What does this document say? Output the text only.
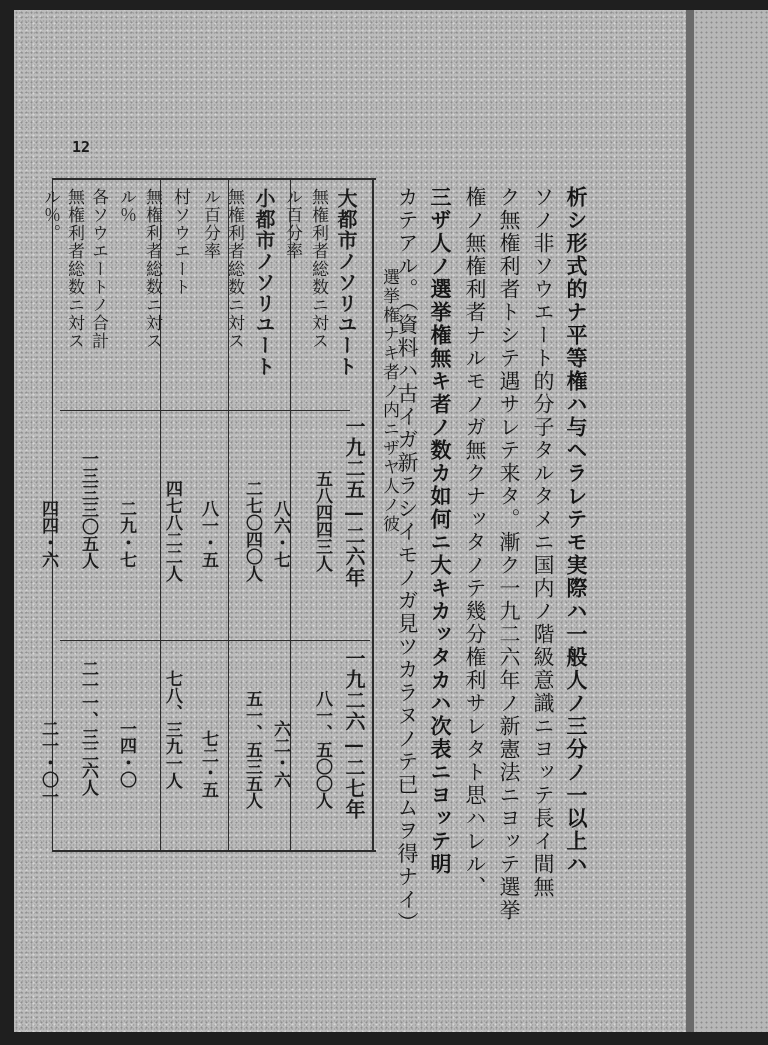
12
一九二五—二六年
一九二六—二七年
大都市ノソリユート
無権利者総数ニ対ス
ル百分率
五八四四三人
八六・七
八一、五〇〇人
六二・六
小都市ノソリユート
無権利者総数ニ対ス
ル百分率
二七〇四〇人
八一・五
五一、五三五人
七二・五
村ソウエート
無権利者総数ニ対ス
ル％
四七八二二人
二九・七
七八、三九一人
一四・〇
各ソウエートノ合計
無権利者総数ニ対ス
ル％。
一三三三〇五人
四四・六
二一一、三二六人
二一・〇一	析シ形式的ナ平等権ハ与ヘラレテモ実際ハ一般人ノ三分ノ一以上ハ
ソノ非ソウエート的分子タルタメニ国内ノ階級意識ニヨッテ長イ間無
ク無権利者トシテ遇サレテ来タ。漸ク一九二六年ノ新憲法ニヨッテ選挙
権ノ無権利者ナルモノガ無クナッタノテ幾分権利サレタト思ハレル、
三ザ人ノ選挙権無キ者ノ数カ如何ニ大キカッタカハ次表ニヨッテ明
カテアル。（資料ハ古イガ新ラシイモノガ見ツカラヌノテ已ムヲ得ナイ）
選挙権ナキ者ノ内ニザヤ人ノ彼
